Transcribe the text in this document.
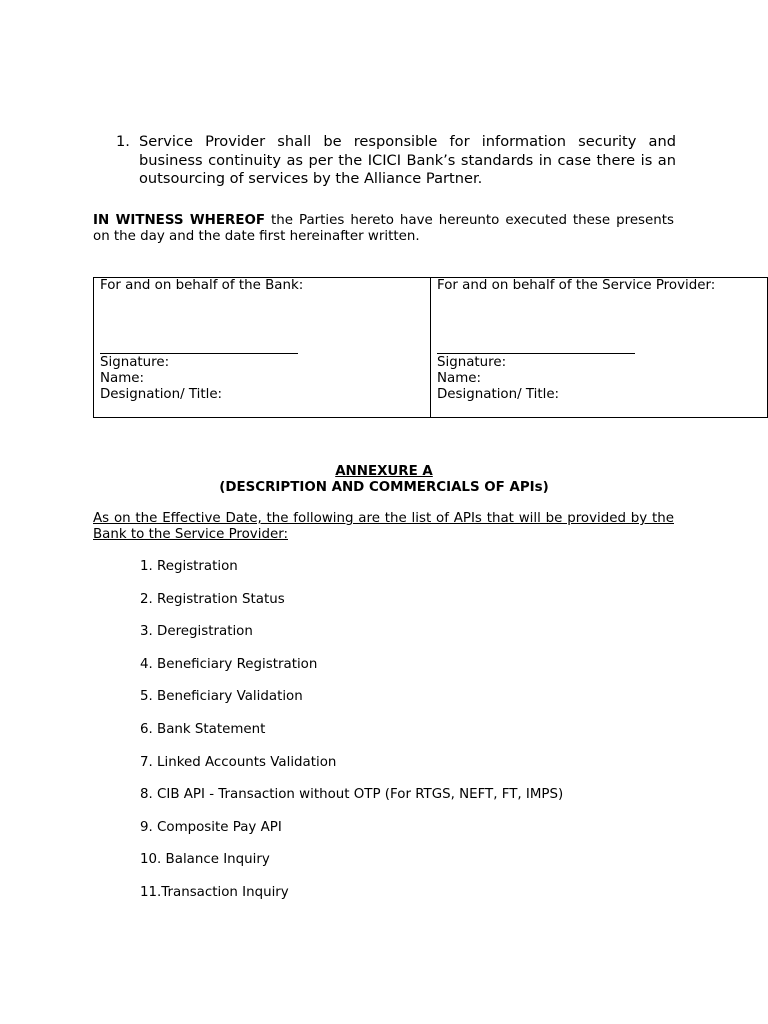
1. Service Provider shall be responsible for information security and business continuity as per the ICICI Bank’s standards in case there is an outsourcing of services by the Alliance Partner.
IN WITNESS WHEREOF the Parties hereto have hereunto executed these presents on the day and the date first hereinafter written.
For and on behalf of the Bank:
Signature:
Name:
Designation/ Title:

For and on behalf of the Service Provider:
Signature:
Name:
Designation/ Title:
ANNEXURE A
(DESCRIPTION AND COMMERCIALS OF APIs)
As on the Effective Date, the following are the list of APIs that will be provided by the Bank to the Service Provider:
1. Registration
2. Registration Status
3. Deregistration
4. Beneficiary Registration
5. Beneficiary Validation
6. Bank Statement
7. Linked Accounts Validation
8. CIB API - Transaction without OTP (For RTGS, NEFT, FT, IMPS)
9. Composite Pay API
10. Balance Inquiry
11.Transaction Inquiry
